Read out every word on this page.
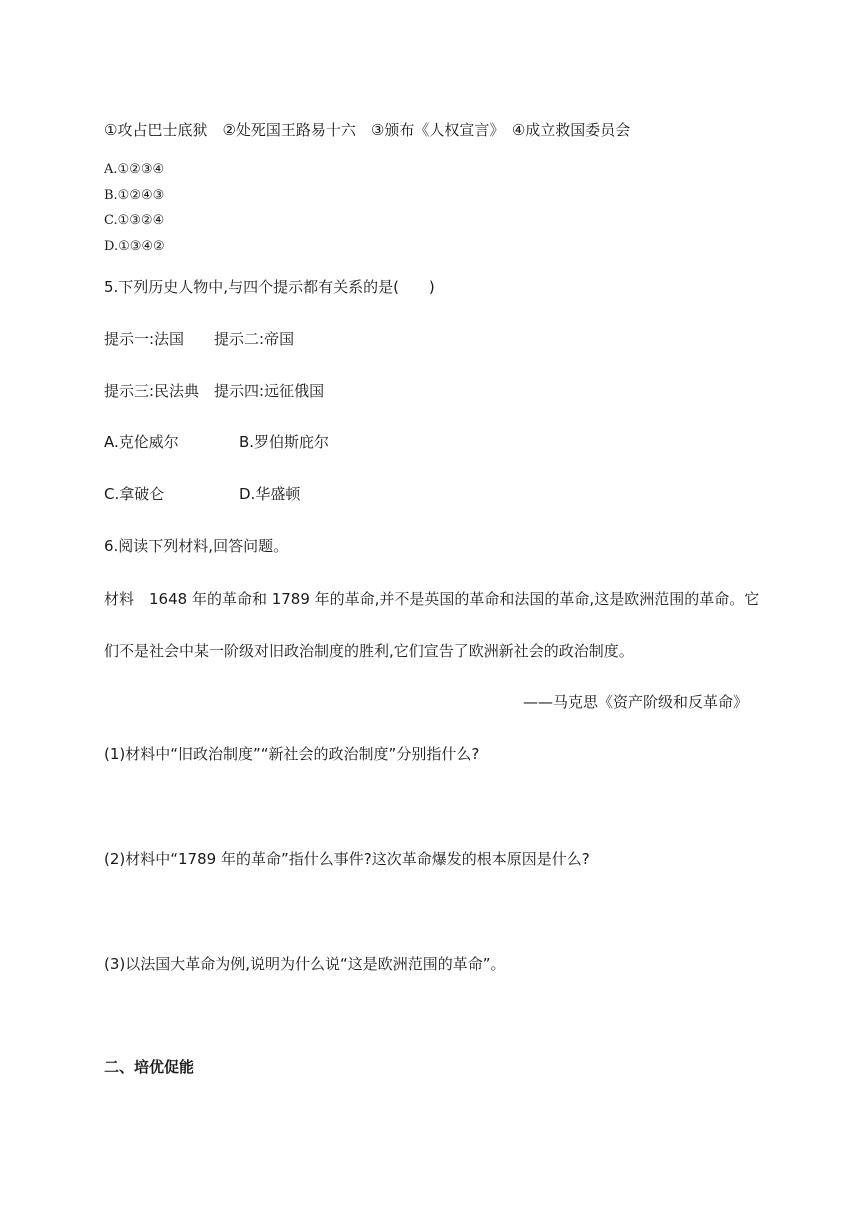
①攻占巴士底狱　②处死国王路易十六　③颁布《人权宣言》　④成立救国委员会
A.①②③④
B.①②④③
C.①③②④
D.①③④②
5.下列历史人物中,与四个提示都有关系的是(　　)
提示一:法国　　提示二:帝国
提示三:民法典　提示四:远征俄国
A.克伦威尔	B.罗伯斯庇尔
C.拿破仑	D.华盛顿
6.阅读下列材料,回答问题。
材料　1648 年的革命和 1789 年的革命,并不是英国的革命和法国的革命,这是欧洲范围的革命。它
们不是社会中某一阶级对旧政治制度的胜利,它们宣告了欧洲新社会的政治制度。
——马克思《资产阶级和反革命》
(1)材料中“旧政治制度”“新社会的政治制度”分别指什么?
(2)材料中“1789 年的革命”指什么事件?这次革命爆发的根本原因是什么?
(3)以法国大革命为例,说明为什么说“这是欧洲范围的革命”。
二、培优促能
